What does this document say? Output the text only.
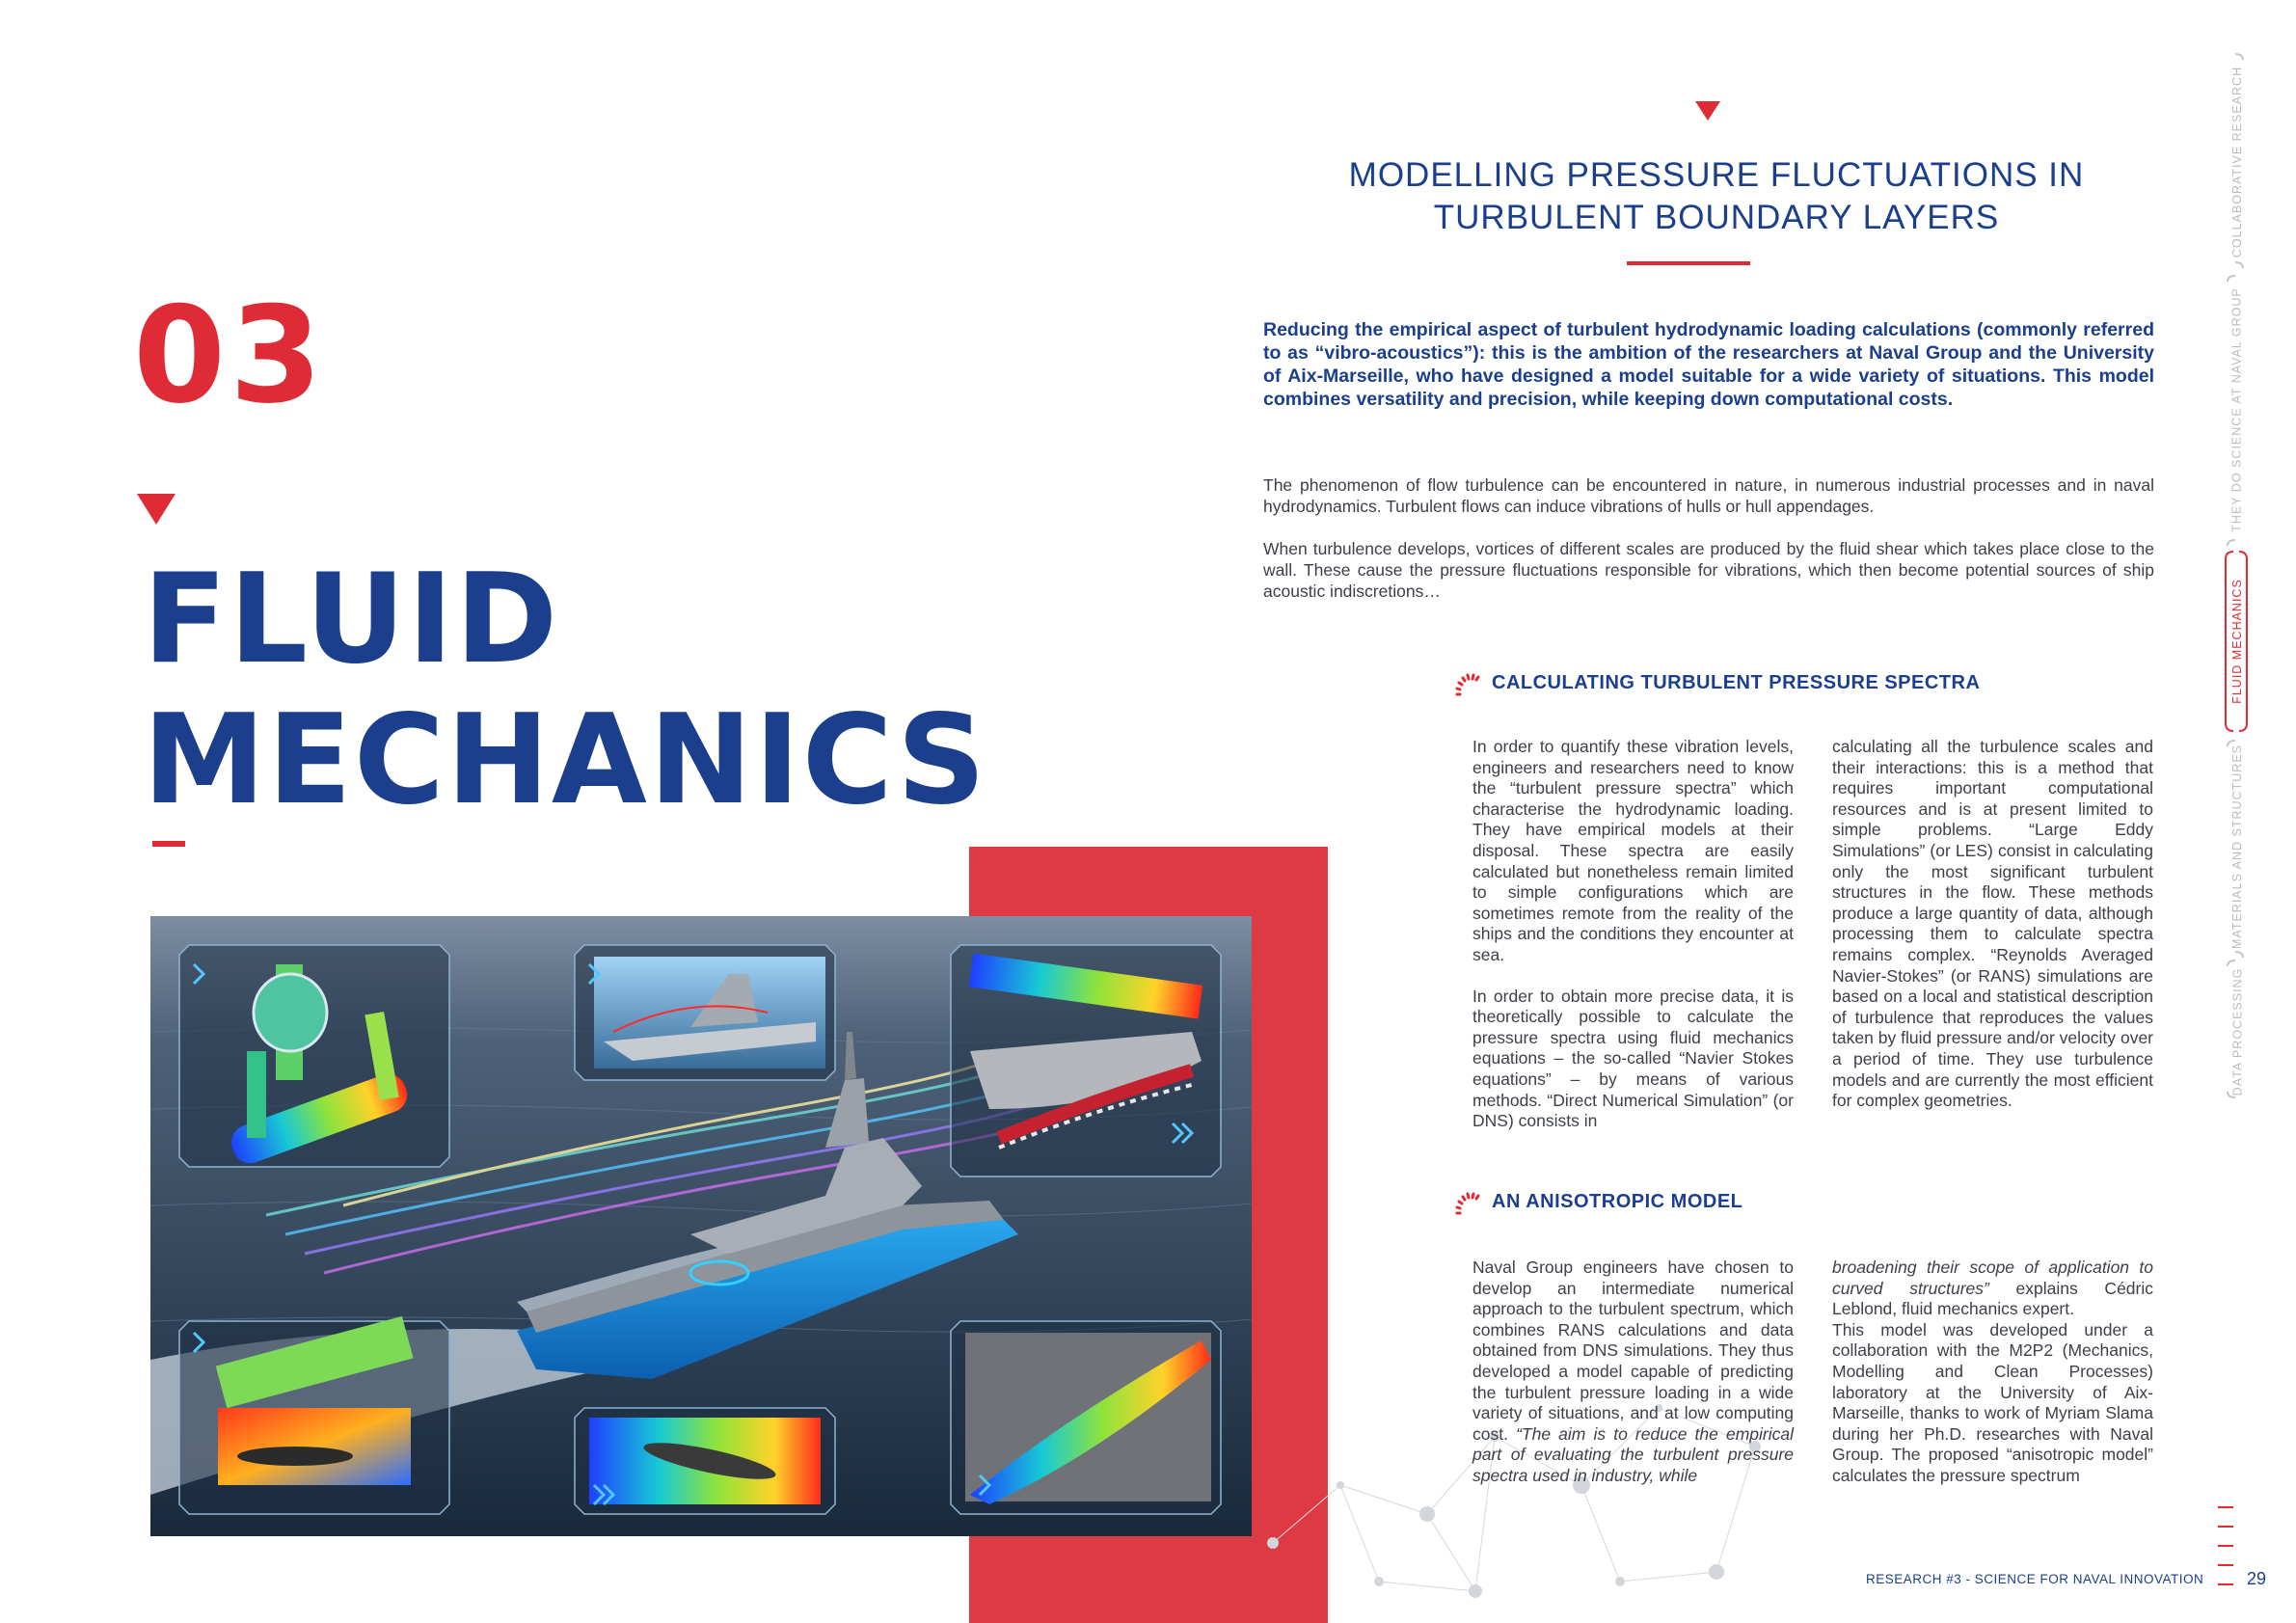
03
FLUID
MECHANICS
MODELLING PRESSURE FLUCTUATIONS IN
TURBULENT BOUNDARY LAYERS
Reducing the empirical aspect of turbulent hydrodynamic loading calculations (commonly referred to as “vibro-acoustics”): this is the ambition of the researchers at Naval Group and the University of Aix-Marseille, who have designed a model suitable for a wide variety of situations. This model combines versatility and precision, while keeping down computational costs.
The phenomenon of flow turbulence can be encountered in nature, in numerous industrial processes and in naval hydrodynamics. Turbulent flows can induce vibrations of hulls or hull appendages.
When turbulence develops, vortices of different scales are produced by the fluid shear which takes place close to the wall. These cause the pressure fluctuations responsible for vibrations, which then become potential sources of ship acoustic indiscretions…
CALCULATING TURBULENT PRESSURE SPECTRA

In order to quantify these vibration levels, engineers and researchers need to know the “turbulent pressure spectra” which characterise the hydrodynamic loading. They have empirical models at their disposal. These spectra are easily calculated but nonetheless remain limited to simple configurations which are sometimes remote from the reality of the ships and the conditions they encounter at sea.

In order to obtain more precise data, it is theoretically possible to calculate the pressure spectra using fluid mechanics equations – the so-called “Navier Stokes equations” – by means of various methods. “Direct Numerical Simulation” (or DNS) consists in

calculating all the turbulence scales and their interactions: this is a method that requires important computational resources and is at present limited to simple problems. “Large Eddy Simulations” (or LES) consist in calculating only the most significant turbulent structures in the flow. These methods produce a large quantity of data, although processing them to calculate spectra remains complex. “Reynolds Averaged Navier-Stokes” (or RANS) simulations are based on a local and statistical description of turbulence that reproduces the values taken by fluid pressure and/or velocity over a period of time. They use turbulence models and are currently the most efficient for complex geometries.

AN ANISOTROPIC MODEL
Naval Group engineers have chosen to develop an intermediate numerical approach to the turbulent spectrum, which combines RANS calculations and data obtained from DNS simulations. They thus developed a model capable of predicting the turbulent pressure loading in a wide variety of situations, and at low computing cost. “The aim is to reduce the empirical part of evaluating the turbulent pressure spectra used in industry, while
broadening their scope of application to curved structures” explains Cédric Leblond, fluid mechanics expert.
This model was developed under a collaboration with the M2P2 (Mechanics, Modelling and Clean Processes) laboratory at the University of Aix-Marseille, thanks to work of Myriam Slama during her Ph.D. researches with Naval Group. The proposed “anisotropic model” calculates the pressure spectrum
COLLABORATIVE RESEARCH
THEY DO SCIENCE AT NAVAL GROUP
FLUID MECHANICS
MATERIALS AND STRUCTURES
DATA PROCESSING
RESEARCH #3 - SCIENCE FOR NAVAL INNOVATION 29
